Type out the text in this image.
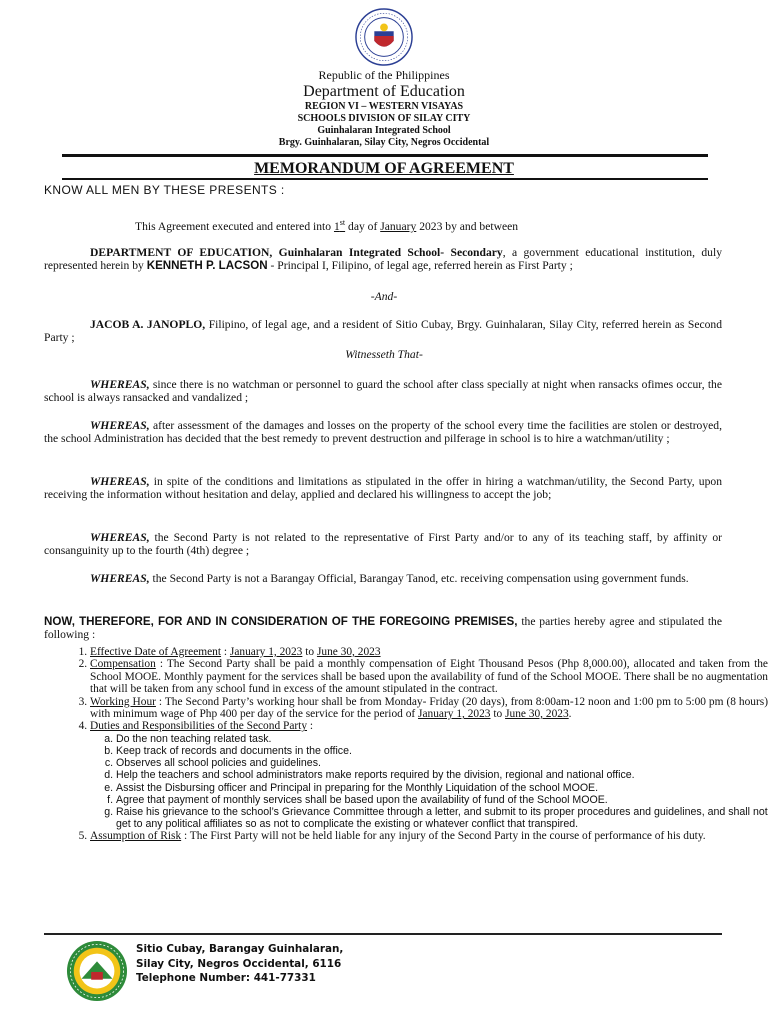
Republic of the Philippines
Department of Education
REGION VI – WESTERN VISAYAS
SCHOOLS DIVISION OF SILAY CITY
Guinhalaran Integrated School
Brgy. Guinhalaran, Silay City, Negros Occidental
MEMORANDUM OF AGREEMENT
KNOW ALL MEN BY THESE PRESENTS :
This Agreement executed and entered into 1st day of January 2023 by and between
DEPARTMENT OF EDUCATION, Guinhalaran Integrated School- Secondary, a government educational institution, duly represented herein by KENNETH P. LACSON - Principal I, Filipino, of legal age, referred herein as First Party ;
-And-
JACOB A. JANOPLO, Filipino, of legal age, and a resident of Sitio Cubay, Brgy. Guinhalaran, Silay City, referred herein as Second Party ;
Witnesseth That-
WHEREAS, since there is no watchman or personnel to guard the school after class specially at night when ransacks ofimes occur, the school is always ransacked and vandalized ;
WHEREAS, after assessment of the damages and losses on the property of the school every time the facilities are stolen or destroyed, the school Administration has decided that the best remedy to prevent destruction and pilferage in school is to hire a watchman/utility ;
WHEREAS, in spite of the conditions and limitations as stipulated in the offer in hiring a watchman/utility, the Second Party, upon receiving the information without hesitation and delay, applied and declared his willingness to accept the job;
WHEREAS, the Second Party is not related to the representative of First Party and/or to any of its teaching staff, by affinity or consanguinity up to the fourth (4th) degree ;
WHEREAS, the Second Party is not a Barangay Official, Barangay Tanod, etc. receiving compensation using government funds.
NOW, THEREFORE, FOR AND IN CONSIDERATION OF THE FOREGOING PREMISES, the parties hereby agree and stipulated the following :
1. Effective Date of Agreement : January 1, 2023 to June 30, 2023
2. Compensation : The Second Party shall be paid a monthly compensation of Eight Thousand Pesos (Php 8,000.00), allocated and taken from the School MOOE. Monthly payment for the services shall be based upon the availability of fund of the School MOOE. There shall be no augmentation that will be taken from any school fund in excess of the amount stipulated in the contract.
3. Working Hour : The Second Party’s working hour shall be from Monday- Friday (20 days), from 8:00am-12 noon and 1:00 pm to 5:00 pm (8 hours) with minimum wage of Php 400 per day of the service for the period of January 1, 2023 to June 30, 2023.
4. Duties and Responsibilities of the Second Party :
a. Do the non teaching related task.
b. Keep track of records and documents in the office.
c. Observes all school policies and guidelines.
d. Help the teachers and school administrators make reports required by the division, regional and national office.
e. Assist the Disbursing officer and Principal in preparing for the Monthly Liquidation of the school MOOE.
f. Agree that payment of monthly services shall be based upon the availability of fund of the School MOOE.
g. Raise his grievance to the school’s Grievance Committee through a letter, and submit to its proper procedures and guidelines, and shall not get to any political affiliates so as not to complicate the existing or whatever conflict that transpired.
5. Assumption of Risk : The First Party will not be held liable for any injury of the Second Party in the course of performance of his duty.
Sitio Cubay, Barangay Guinhalaran,
Silay City, Negros Occidental, 6116
Telephone Number: 441-77331
